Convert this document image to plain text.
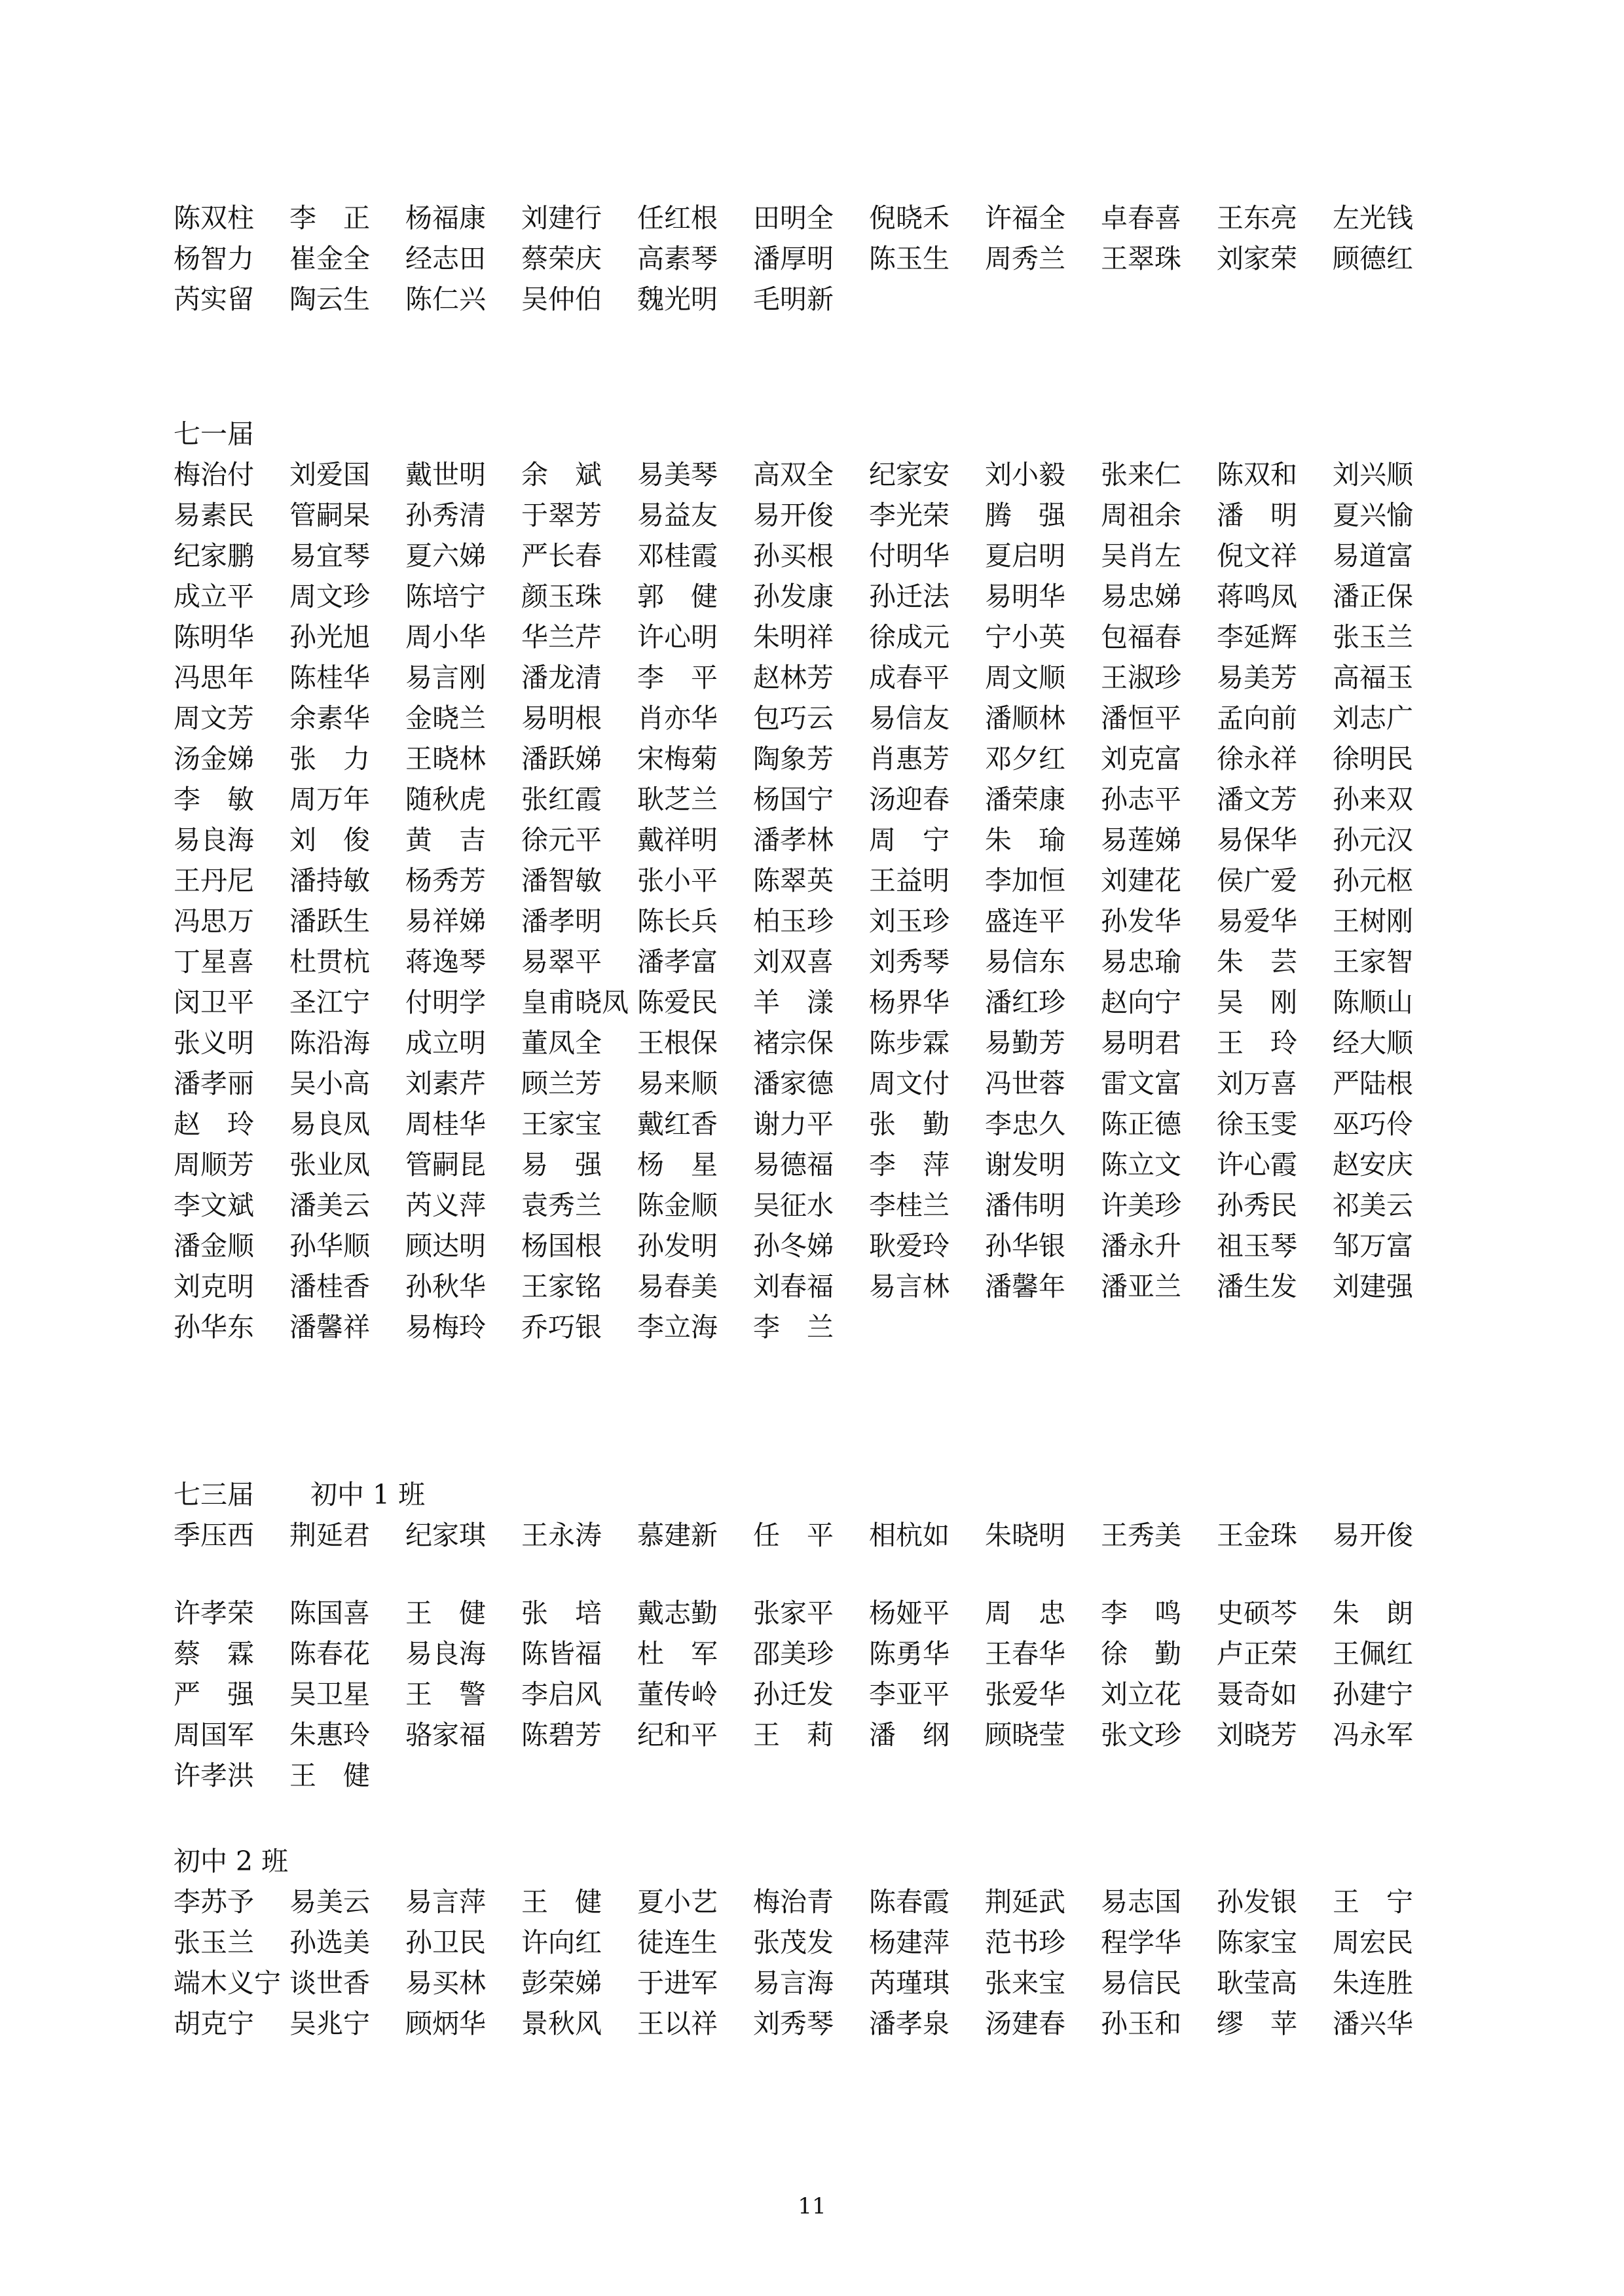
陈双柱	李　正	杨福康	刘建行	任红根	田明全	倪晓禾	许福全	卓春喜	王东亮	左光钱
杨智力	崔金全	经志田	蔡荣庆	高素琴	潘厚明	陈玉生	周秀兰	王翠珠	刘家荣	顾德红
芮实留	陶云生	陈仁兴	吴仲伯	魏光明	毛明新
七一届
梅治付	刘爱国	戴世明	余　斌	易美琴	高双全	纪家安	刘小毅	张来仁	陈双和	刘兴顺
易素民	管嗣杲	孙秀清	于翠芳	易益友	易开俊	李光荣	腾　强	周祖余	潘　明	夏兴愉
纪家鹏	易宜琴	夏六娣	严长春	邓桂霞	孙买根	付明华	夏启明	吴肖左	倪文祥	易道富
成立平	周文珍	陈培宁	颜玉珠	郭　健	孙发康	孙迁法	易明华	易忠娣	蒋鸣凤	潘正保
陈明华	孙光旭	周小华	华兰芹	许心明	朱明祥	徐成元	宁小英	包福春	李延辉	张玉兰
冯思年	陈桂华	易言刚	潘龙清	李　平	赵林芳	成春平	周文顺	王淑珍	易美芳	高福玉
周文芳	余素华	金晓兰	易明根	肖亦华	包巧云	易信友	潘顺林	潘恒平	孟向前	刘志广
汤金娣	张　力	王晓林	潘跃娣	宋梅菊	陶象芳	肖惠芳	邓夕红	刘克富	徐永祥	徐明民
李　敏	周万年	随秋虎	张红霞	耿芝兰	杨国宁	汤迎春	潘荣康	孙志平	潘文芳	孙来双
易良海	刘　俊	黄　吉	徐元平	戴祥明	潘孝林	周　宁	朱　瑜	易莲娣	易保华	孙元汉
王丹尼	潘持敏	杨秀芳	潘智敏	张小平	陈翠英	王益明	李加恒	刘建花	侯广爱	孙元枢
冯思万	潘跃生	易祥娣	潘孝明	陈长兵	柏玉珍	刘玉珍	盛连平	孙发华	易爱华	王树刚
丁星喜	杜贯杭	蒋逸琴	易翠平	潘孝富	刘双喜	刘秀琴	易信东	易忠瑜	朱　芸	王家智
闵卫平	圣江宁	付明学	皇甫晓凤 陈爱民	羊　漾	杨界华	潘红珍	赵向宁	吴　刚	陈顺山
张义明	陈沿海	成立明	董凤全	王根保	褚宗保	陈步霖	易勤芳	易明君	王　玲	经大顺
潘孝丽	吴小高	刘素芹	顾兰芳	易来顺	潘家德	周文付	冯世蓉	雷文富	刘万喜	严陆根
赵　玲	易良凤	周桂华	王家宝	戴红香	谢力平	张　勤	李忠久	陈正德	徐玉雯	巫巧伶
周顺芳	张业凤	管嗣昆	易　强	杨　星	易德福	李　萍	谢发明	陈立文	许心霞	赵安庆
李文斌	潘美云	芮义萍	袁秀兰	陈金顺	吴征水	李桂兰	潘伟明	许美珍	孙秀民	祁美云
潘金顺	孙华顺	顾达明	杨国根	孙发明	孙冬娣	耿爱玲	孙华银	潘永升	祖玉琴	邹万富
刘克明	潘桂香	孙秋华	王家铭	易春美	刘春福	易言林	潘馨年	潘亚兰	潘生发	刘建强
孙华东	潘馨祥	易梅玲	乔巧银	李立海	李　兰
七三届 初中 1 班
季压西	荆延君	纪家琪	王永涛	慕建新	任　平	相杭如	朱晓明	王秀美	王金珠	易开俊
许孝荣	陈国喜	王　健	张　培	戴志勤	张家平	杨娅平	周　忠	李　鸣	史硕芩	朱　朗
蔡　霖	陈春花	易良海	陈皆福	杜　军	邵美珍	陈勇华	王春华	徐　勤	卢正荣	王佩红
严　强	吴卫星	王　警	李启风	董传岭	孙迁发	李亚平	张爱华	刘立花	聂奇如	孙建宁
周国军	朱惠玲	骆家福	陈碧芳	纪和平	王　莉	潘　纲	顾晓莹	张文珍	刘晓芳	冯永军
许孝洪	王　健
初中 2 班
李苏予	易美云	易言萍	王　健	夏小艺	梅治青	陈春霞	荆延武	易志国	孙发银	王　宁
张玉兰	孙选美	孙卫民	许向红	徒连生	张茂发	杨建萍	范书珍	程学华	陈家宝	周宏民
端木义宁 谈世香	易买林	彭荣娣	于进军	易言海	芮瑾琪	张来宝	易信民	耿莹高	朱连胜
胡克宁	吴兆宁	顾炳华	景秋风	王以祥	刘秀琴	潘孝泉	汤建春	孙玉和	缪　苹	潘兴华
11
